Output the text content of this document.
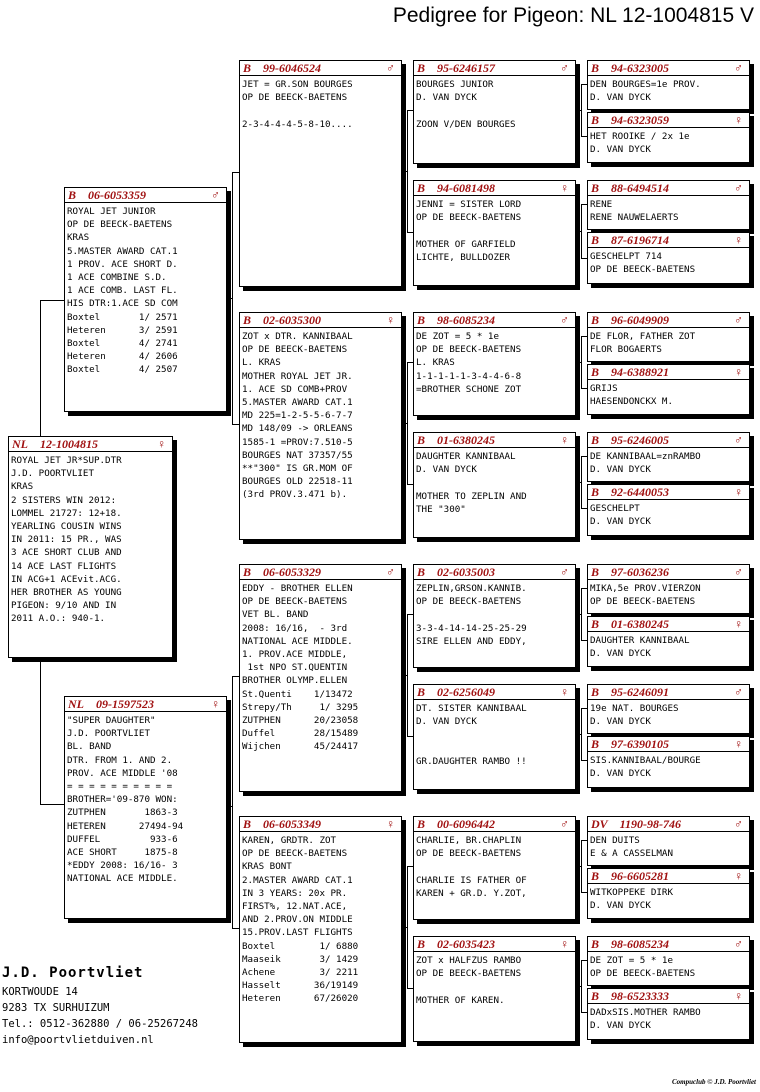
Pedigree for Pigeon: NL 12-1004815 V
NL 12-1004815	♀
ROYAL JET JR*SUP.DTR
J.D. POORTVLIET
KRAS
2 SISTERS WIN 2012:
LOMMEL 21727: 12+18.
YEARLING COUSIN WINS
IN 2011: 15 PR., WAS
3 ACE SHORT CLUB AND
14 ACE LAST FLIGHTS
IN ACG+1 ACEvit.ACG.
HER BROTHER AS YOUNG
PIGEON: 9/10 AND IN
2011 A.O.: 940-1.
B 06-6053359	♂
ROYAL JET JUNIOR
OP DE BEECK-BAETENS
KRAS
5.MASTER AWARD CAT.1
1 PROV. ACE SHORT D.
1 ACE COMBINE S.D.
1 ACE COMB. LAST FL.
HIS DTR:1.ACE SD COM
Boxtel       1/ 2571
Heteren      3/ 2591
Boxtel       4/ 2741
Heteren      4/ 2606
Boxtel       4/ 2507
NL 09-1597523	♀
"SUPER DAUGHTER"
J.D. POORTVLIET
BL. BAND
DTR. FROM 1. AND 2.
PROV. ACE MIDDLE '08
= = = = = = = = = =
BROTHER='09-870 WON:
ZUTPHEN       1863-3
HETEREN      27494-94
DUFFEL         933-6
ACE SHORT     1875-8
*EDDY 2008: 16/16- 3
NATIONAL ACE MIDDLE.
B 99-6046524	♂
JET = GR.SON BOURGES
OP DE BEECK-BAETENS

2-3-4-4-4-5-8-10....
B 02-6035300	♀
ZOT x DTR. KANNIBAAL
OP DE BEECK-BAETENS
L. KRAS
MOTHER ROYAL JET JR.
1. ACE SD COMB+PROV
5.MASTER AWARD CAT.1
MD 225=1-2-5-5-6-7-7
MD 148/09 -> ORLEANS
1585-1 =PROV:7.510-5
BOURGES NAT 37357/55
**"300" IS GR.MOM OF
BOURGES OLD 22518-11
(3rd PROV.3.471 b).
B 06-6053329	♂
EDDY - BROTHER ELLEN
OP DE BEECK-BAETENS
VET BL. BAND
2008: 16/16,  - 3rd
NATIONAL ACE MIDDLE.
1. PROV.ACE MIDDLE,
1st NPO ST.QUENTIN
BROTHER OLYMP.ELLEN
St.Quenti    1/13472
Strepy/Th     1/ 3295
ZUTPHEN      20/23058
Duffel       28/15489
Wijchen      45/24417
B 06-6053349	♀
KAREN, GRDTR. ZOT
OP DE BEECK-BAETENS
KRAS BONT
2.MASTER AWARD CAT.1
IN 3 YEARS: 20x PR.
FIRST%, 12.NAT.ACE,
AND 2.PROV.ON MIDDLE
15.PROV.LAST FLIGHTS
Boxtel        1/ 6880
Maaseik       3/ 1429
Achene        3/ 2211
Hasselt      36/19149
Heteren      67/26020
B 95-6246157	♂
BOURGES JUNIOR
D. VAN DYCK

ZOON V/DEN BOURGES
B 94-6081498	♀
JENNI = SISTER LORD
OP DE BEECK-BAETENS

MOTHER OF GARFIELD
LICHTE, BULLDOZER
B 98-6085234	♂
DE ZOT = 5 * 1e
OP DE BEECK-BAETENS
L. KRAS
1-1-1-1-1-3-4-4-6-8
=BROTHER SCHONE ZOT
B 01-6380245	♀
DAUGHTER KANNIBAAL
D. VAN DYCK

MOTHER TO ZEPLIN AND
THE "300"
B 02-6035003	♂
ZEPLIN,GRSON.KANNIB.
OP DE BEECK-BAETENS

3-3-4-14-14-25-25-29
SIRE ELLEN AND EDDY,
B 02-6256049	♀
DT. SISTER KANNIBAAL
D. VAN DYCK

GR.DAUGHTER RAMBO !!
B 00-6096442	♂
CHARLIE, BR.CHAPLIN
OP DE BEECK-BAETENS

CHARLIE IS FATHER OF
KAREN + GR.D. Y.ZOT,
B 02-6035423	♀
ZOT x HALFZUS RAMBO
OP DE BEECK-BAETENS

MOTHER OF KAREN.
B 94-6323005	♂
DEN BOURGES=1e PROV.
D. VAN DYCK
B 94-6323059	♀
HET ROOIKE / 2x 1e
D. VAN DYCK
B 88-6494514	♂
RENE
RENE NAUWELAERTS
B 87-6196714	♀
GESCHELPT 714
OP DE BEECK-BAETENS
B 96-6049909	♂
DE FLOR, FATHER ZOT
FLOR BOGAERTS
B 94-6388921	♀
GRIJS
HAESENDONCKX M.
B 95-6246005	♂
DE KANNIBAAL=znRAMBO
D. VAN DYCK
B 92-6440053	♀
GESCHELPT
D. VAN DYCK
B 97-6036236	♂
MIKA,5e PROV.VIERZON
OP DE BEECK-BAETENS
B 01-6380245	♀
DAUGHTER KANNIBAAL
D. VAN DYCK
B 95-6246091	♂
19e NAT. BOURGES
D. VAN DYCK
B 97-6390105	♀
SIS.KANNIBAAL/BOURGE
D. VAN DYCK
DV 1190-98-746	♂
DEN DUITS
E & A CASSELMAN
B 96-6605281	♀
WITKOPPEKE DIRK
D. VAN DYCK
B 98-6085234	♂
DE ZOT = 5 * 1e
OP DE BEECK-BAETENS
B 98-6523333	♀
DADxSIS.MOTHER RAMBO
D. VAN DYCK
J.D. Poortvliet
KORTWOUDE 14
9283 TX SURHUIZUM
Tel.: 0512-362880 / 06-25267248
info@poortvlietduiven.nl
Compuclub © J.D. Poortvliet
